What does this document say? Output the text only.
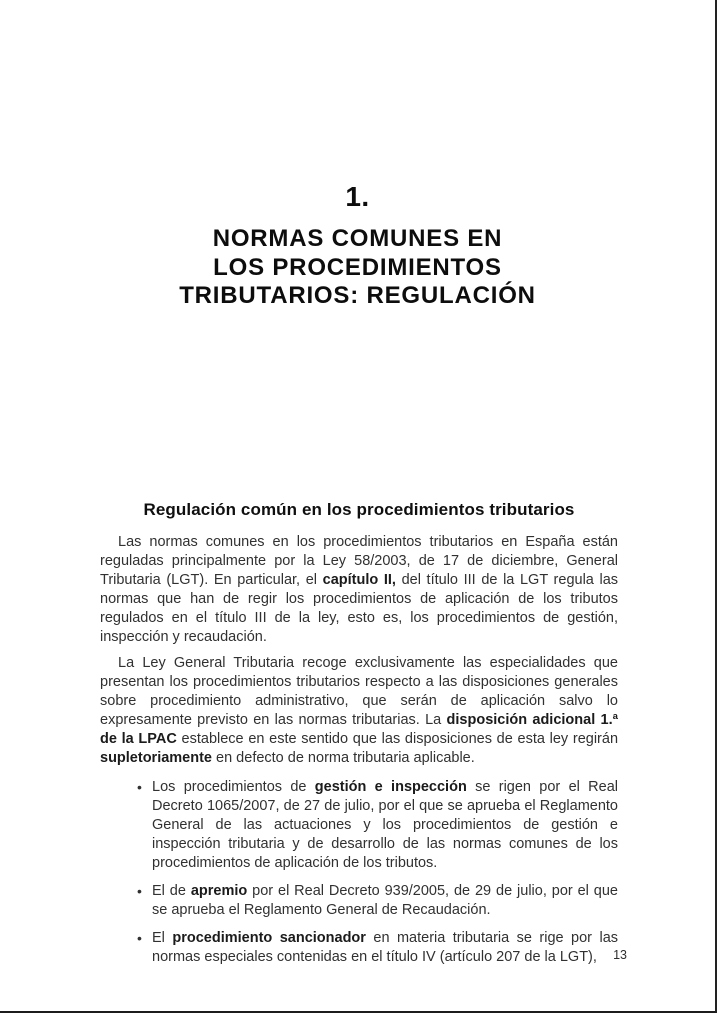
1.
NORMAS COMUNES EN
LOS PROCEDIMIENTOS
TRIBUTARIOS: REGULACIÓN
Regulación común en los procedimientos tributarios

Las normas comunes en los procedimientos tributarios en España están reguladas principalmente por la Ley 58/2003, de 17 de diciembre, General Tributaria (LGT). En particular, el capítulo II, del título III de la LGT regula las normas que han de regir los procedimientos de aplicación de los tributos regulados en el título III de la ley, esto es, los procedimientos de gestión, inspección y recaudación.

La Ley General Tributaria recoge exclusivamente las especialidades que presentan los procedimientos tributarios respecto a las disposiciones generales sobre procedimiento administrativo, que serán de aplicación salvo lo expresamente previsto en las normas tributarias. La disposición adicional 1.ª de la LPAC establece en este sentido que las disposiciones de esta ley regirán supletoriamente en defecto de norma tributaria aplicable.

• Los procedimientos de gestión e inspección se rigen por el Real Decreto 1065/2007, de 27 de julio, por el que se aprueba el Reglamento General de las actuaciones y los procedimientos de gestión e inspección tributaria y de desarrollo de las normas comunes de los procedimientos de aplicación de los tributos.
• El de apremio por el Real Decreto 939/2005, de 29 de julio, por el que se aprueba el Reglamento General de Recaudación.
• El procedimiento sancionador en materia tributaria se rige por las normas especiales contenidas en el título IV (artículo 207 de la LGT),	13
